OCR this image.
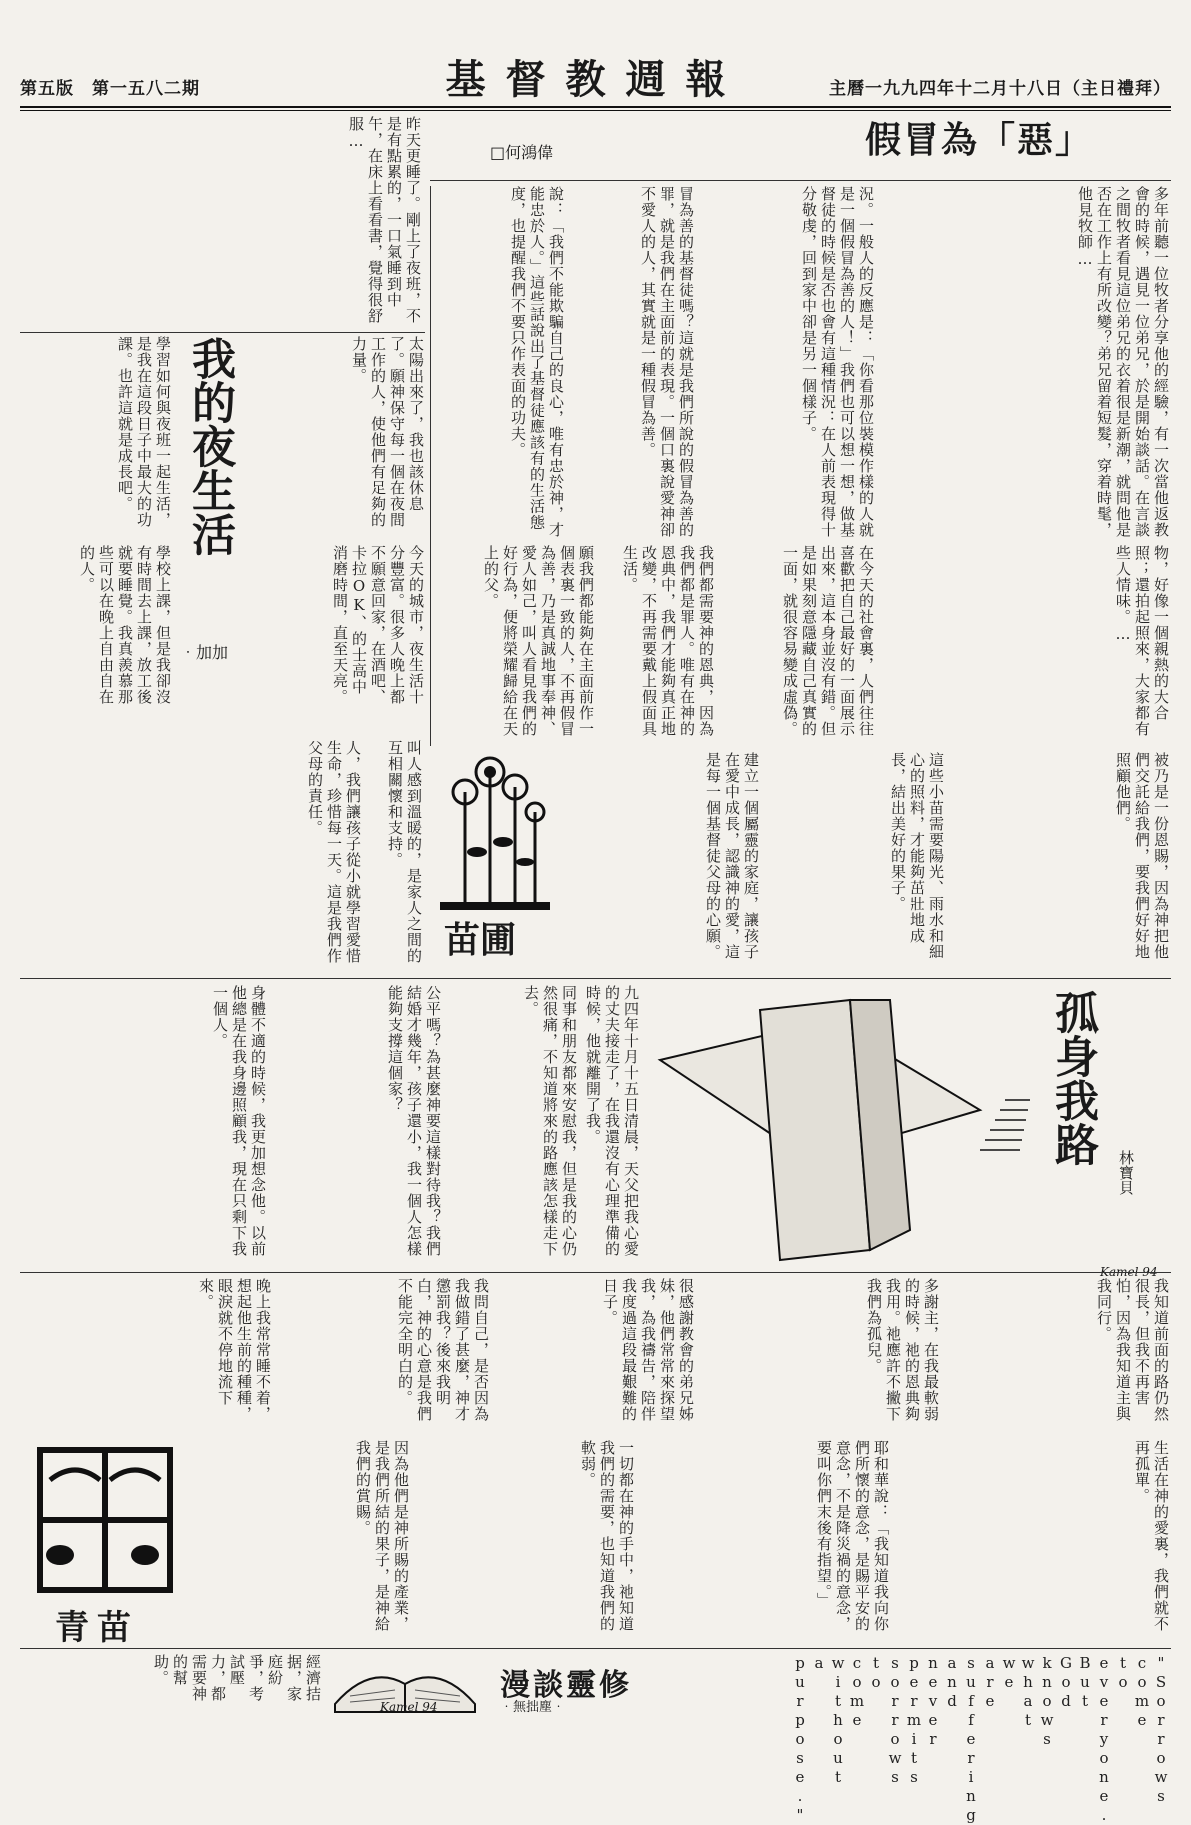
第五版　第一五八二期	基督教週報	主曆一九九四年十二月十八日（主日禮拜）
假冒為「惡」
□何鴻偉
多年前聽一位牧者分享他的經驗，有一次當他返教會的時候，遇見一位弟兄，於是開始談話。在言談之間牧者看見這位弟兄的衣着很是新潮，就問他是否在工作上有所改變？弟兄留着短髮，穿着時髦，他見牧師…
況。一般人的反應是：「你看那位裝模作樣的人就是一個假冒為善的人！」我們也可以想一想，做基督徒的時候是否也會有這種情況：在人前表現得十分敬虔，回到家中卻是另一個樣子。
冒為善的基督徒嗎？這就是我們所說的假冒為善的罪，就是我們在主面前的表現。一個口裏說愛神卻不愛人的人，其實就是一種假冒為善。
說：「我們不能欺騙自己的良心，唯有忠於神，才能忠於人。」這些話說出了基督徒應該有的生活態度，也提醒我們不要只作表面的功夫。
物，好像一個親熱的大合照；還拍起照來，大家都有些人情味。…
在今天的社會裏，人們往往喜歡把自己最好的一面展示出來，這本身並沒有錯。但是如果刻意隱藏自己真實的一面，就很容易變成虛偽。
我們都需要神的恩典，因為我們都是罪人。唯有在神的恩典中，我們才能夠真正地改變，不再需要戴上假面具生活。
願我們都能夠在主面前作一個表裏一致的人，不再假冒為善，乃是真誠地事奉神、愛人如己，叫人看見我們的好行為，便將榮耀歸給在天上的父。
昨天更睡了。剛上了夜班，不是有點累的，一口氣睡到中午，在床上看看書，覺得很舒服…
學習如何與夜班一起生活，是我在這段日子中最大的功課。也許這就是成長吧。	我的夜生活	太陽出來了，我也該休息了。願神保守每一個在夜間工作的人，使他們有足夠的力量。
學校上課，但是我卻沒有時間去上課，放工後就要睡覺。我真羨慕那些可以在晚上自由自在的人。	今天的城市，夜生活十分豐富。很多人晚上都不願意回家，在酒吧、卡拉OK、的士高中消磨時間，直至天亮。
‧加加
人，我們讓孩子從小就學習愛惜生命，珍惜每一天。這是我們作父母的責任。	叫人感到溫暖的，是家人之間的互相關懷和支持。
苗圃	建立一個屬靈的家庭，讓孩子在愛中成長，認識神的愛，這是每一個基督徒父母的心願。	這些小苗需要陽光、雨水和細心的照料，才能夠茁壯地成長，結出美好的果子。	被乃是一份恩賜，因為神把他們交託給我們，要我們好好地照顧他們。
身體不適的時候，我更加想念他。以前他總是在我身邊照顧我，現在只剩下我一個人。	公平嗎？為甚麼神要這樣對待我？我們結婚才幾年，孩子還小，我一個人怎樣能夠支撐這個家？	同事和朋友都來安慰我，但是我的心仍然很痛，不知道將來的路應該怎樣走下去。	九四年十月十五日清晨，天父把我心愛的丈夫接走了，在我還沒有心理準備的時候，他就離開了我。	孤身我路
林寶貝
Kamel 94
晚上我常常睡不着，想起他生前的種種，眼淚就不停地流下來。	我問自己，是否因為我做錯了甚麼，神才懲罰我？後來我明白，神的心意是我們不能完全明白的。	很感謝教會的弟兄姊妹，他們常常來探望我，為我禱告，陪伴我度過這段最艱難的日子。	多謝主，在我最軟弱的時候，祂的恩典夠我用。祂應許不撇下我們為孤兒。	我知道前面的路仍然很長，但我不再害怕，因為我知道主與我同行。
青苗	因為他們是神所賜的產業，是我們所結的果子，是神給我們的賞賜。	一切都在神的手中，祂知道我們的需要，也知道我們的軟弱。	耶和華說：「我知道我向你們所懷的意念，是賜平安的意念，不是降災禍的意念，要叫你們末後有指望。」	生活在神的愛裏，我們就不再孤單。
經濟拮据，家庭紛爭，考試壓力，都需要神的幫助。
Kamel 94
漫談靈修
‧無拙塵‧	"Sorrows come to everyone. But God knows what we are suffering and never permits sorrows to come without a purpose."
